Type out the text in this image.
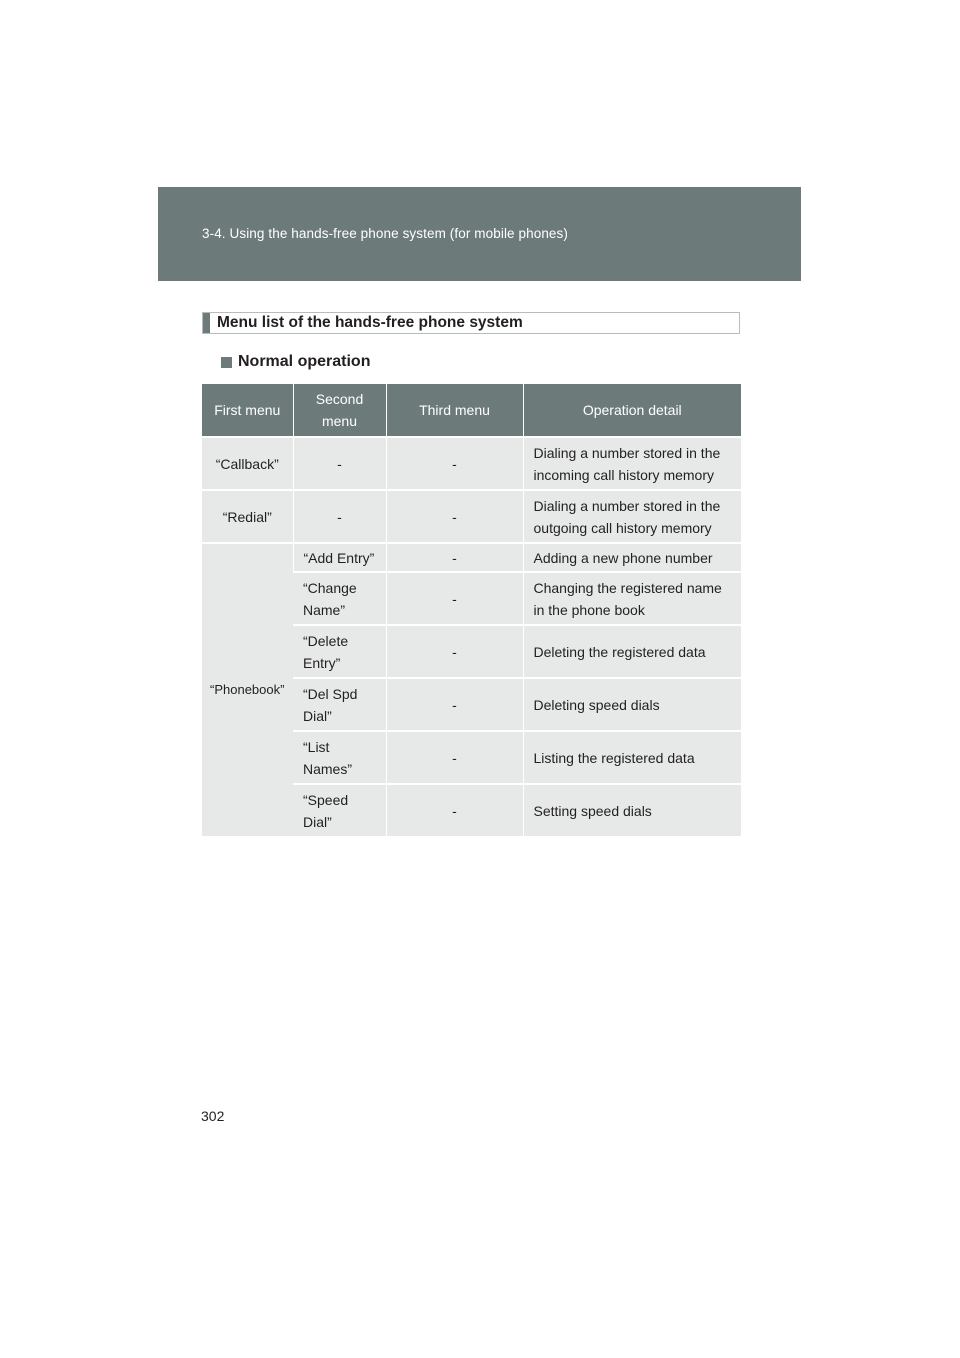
3-4. Using the hands-free phone system (for mobile phones)
Menu list of the hands-free phone system
Normal operation
First menu	Second menu	Third menu	Operation detail
“Callback”	-	-	Dialing a number stored in the incoming call history memory
“Redial”	-	-	Dialing a number stored in the outgoing call history memory
“Phonebook”	“Add Entry”	-	Adding a new phone number
	“Change Name”	-	Changing the registered name in the phone book
	“Delete Entry”	-	Deleting the registered data
	“Del Spd Dial”	-	Deleting speed dials
	“List Names”	-	Listing the registered data
	“Speed Dial”	-	Setting speed dials
302
